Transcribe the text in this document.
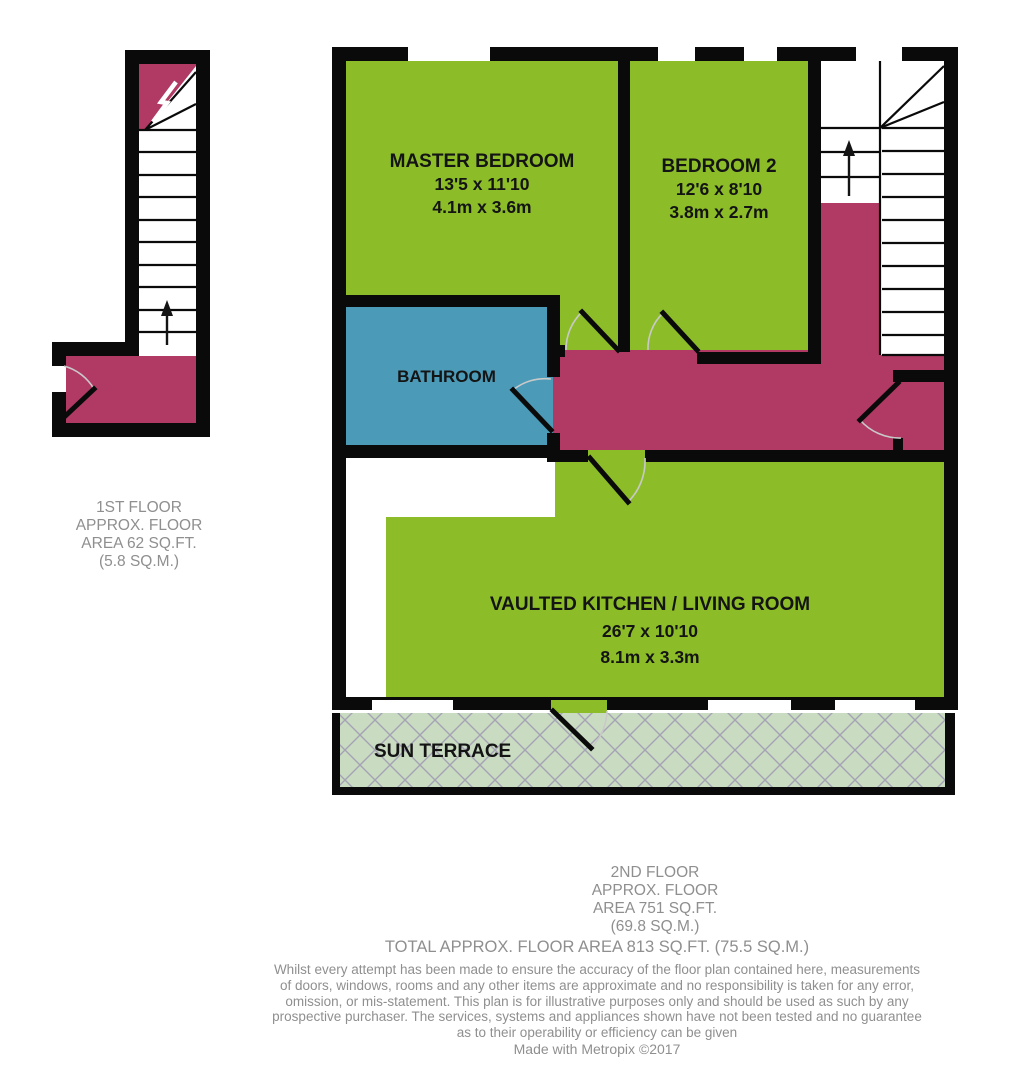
MASTER BEDROOM
13'5 x 11'10
4.1m x 3.6m
BEDROOM 2
12'6 x 8'10
3.8m x 2.7m
BATHROOM
VAULTED KITCHEN / LIVING ROOM
26'7 x 10'10
8.1m x 3.3m
SUN TERRACE
1ST FLOOR
APPROX. FLOOR
AREA 62 SQ.FT.
(5.8 SQ.M.)
2ND FLOOR
APPROX. FLOOR
AREA 751 SQ.FT.
(69.8 SQ.M.)
TOTAL APPROX. FLOOR AREA 813 SQ.FT. (75.5 SQ.M.)
Whilst every attempt has been made to ensure the accuracy of the floor plan contained here, measurements
of doors, windows, rooms and any other items are approximate and no responsibility is taken for any error,
omission, or mis-statement. This plan is for illustrative purposes only and should be used as such by any
prospective purchaser. The services, systems and appliances shown have not been tested and no guarantee
as to their operability or efficiency can be given
Made with Metropix ©2017
